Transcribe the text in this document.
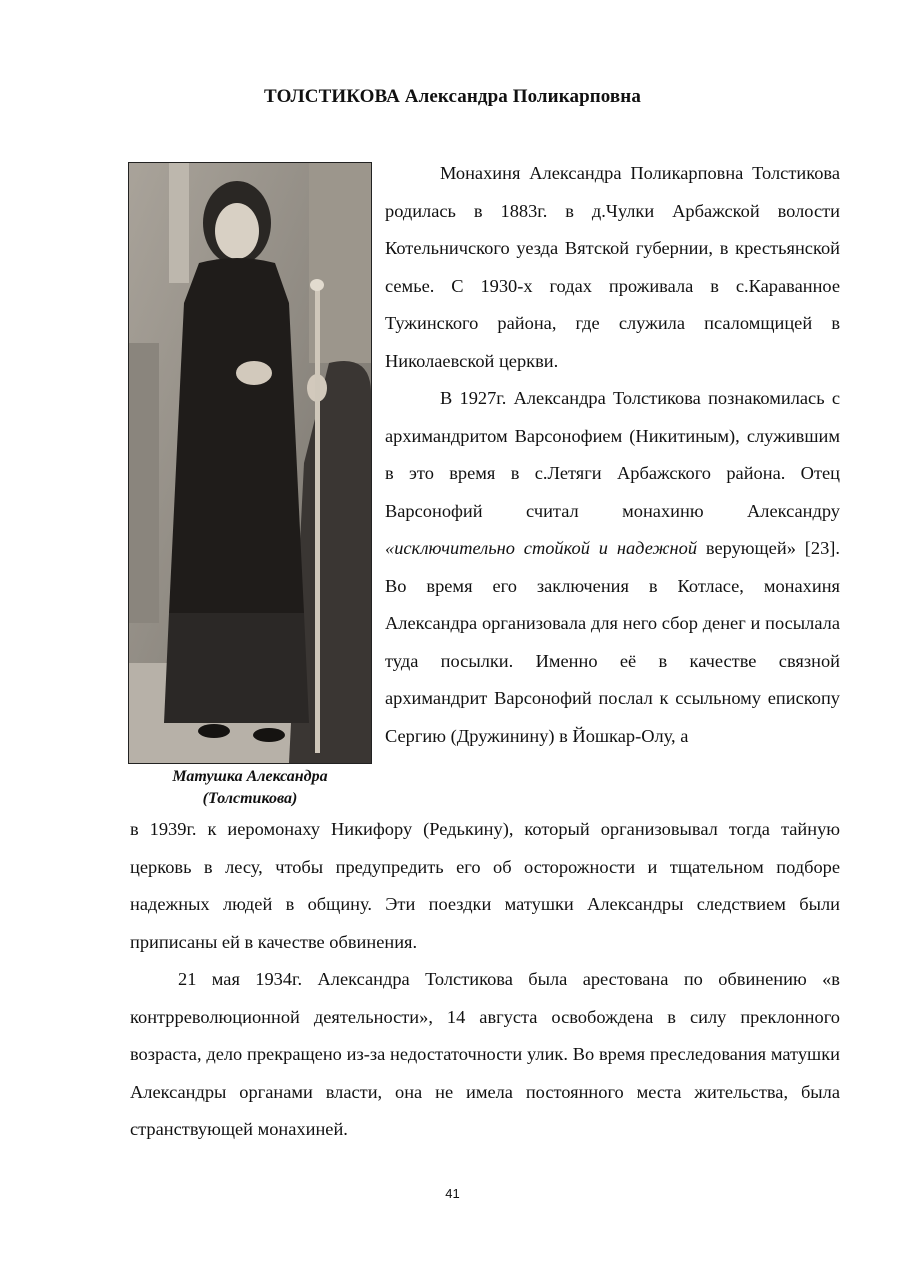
ТОЛСТИКОВА Александра Поликарповна
Матушка Александра
(Толстикова)

Монахиня Александра Поликарповна Толстикова родилась в 1883г. в д.Чулки Арбажской волости Котельничского уезда Вятской губернии, в крестьянской семье. С 1930-х годах проживала в с.Караванное Тужинского района, где служила псаломщицей в Николаевской церкви.

В 1927г. Александра Толстикова познакомилась с архимандритом Варсонофием (Никитиным), служившим в это время в с.Летяги Арбажского района. Отец Варсонофий считал монахиню Александру «исключительно стойкой и надежной верующей» [23]. Во время его заключения в Котласе, монахиня Александра организовала для него сбор денег и посылала туда посылки. Именно её в качестве связной архимандрит Варсонофий послал к ссыльному епископу Сергию (Дружинину) в Йошкар-Олу, а

в 1939г. к иеромонаху Никифору (Редькину), который организовывал тогда тайную церковь в лесу, чтобы предупредить его об осторожности и тщательном подборе надежных людей в общину. Эти поездки матушки Александры следствием были приписаны ей в качестве обвинения.

21 мая 1934г. Александра Толстикова была арестована по обвинению «в контрреволюционной деятельности», 14 августа освобождена в силу преклонного возраста, дело прекращено из-за недостаточности улик. Во время преследования матушки Александры органами власти, она не имела постоянного места жительства, была странствующей монахиней.

41
